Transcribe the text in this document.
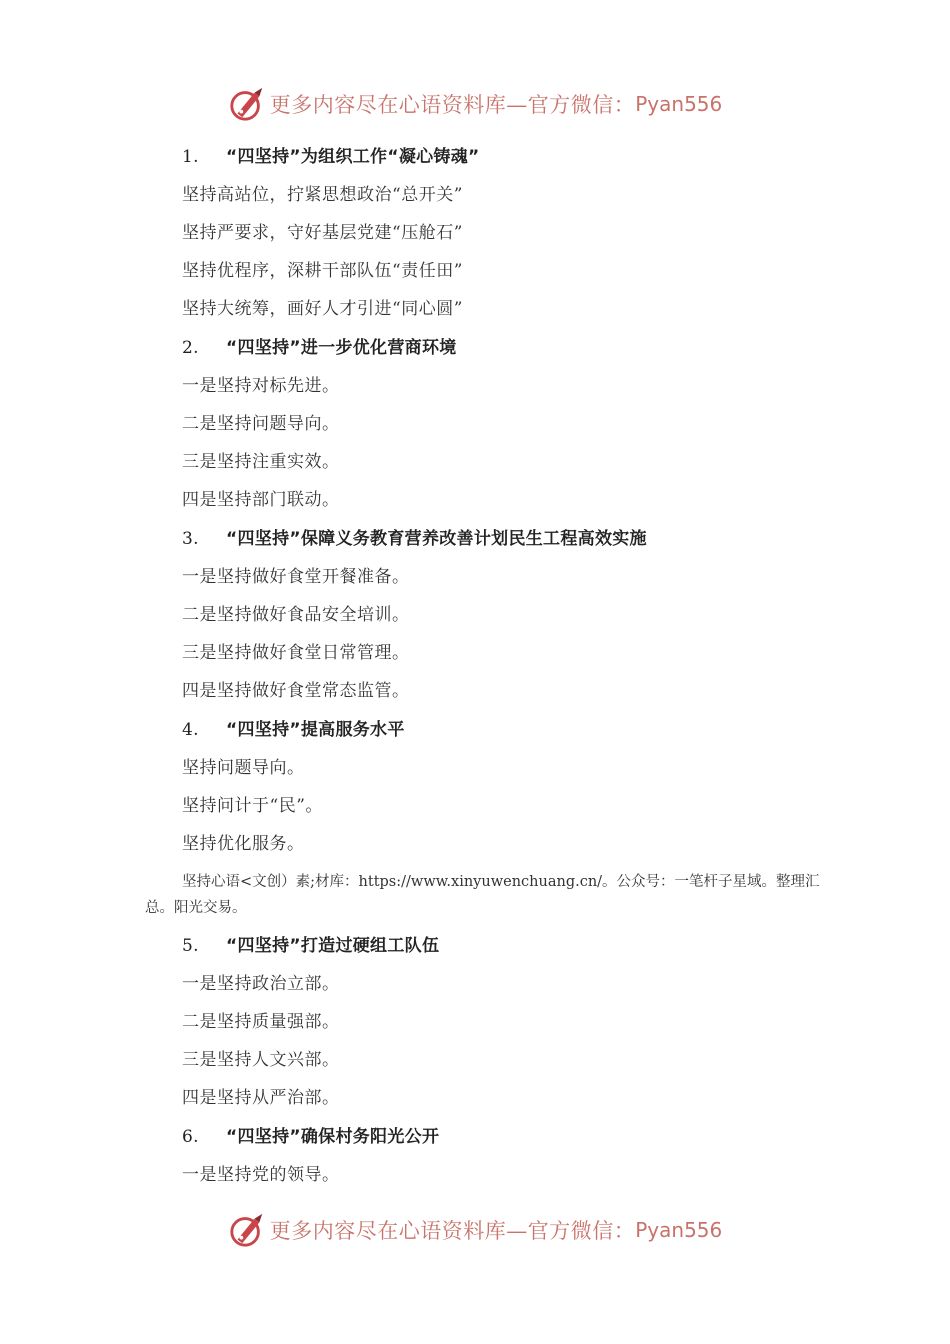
更多内容尽在心语资料库—官方微信： Pyan556
1. “四坚持”为组织工作“凝心铸魂”
坚持高站位，拧紧思想政治“总开关”
坚持严要求，守好基层党建“压舱石”
坚持优程序，深耕干部队伍“责任田”
坚持大统筹，画好人才引进“同心圆”
2. “四坚持”进一步优化营商环境
一是坚持对标先进。
二是坚持问题导向。
三是坚持注重实效。
四是坚持部门联动。
3. “四坚持”保障义务教育营养改善计划民生工程高效实施
一是坚持做好食堂开餐准备。
二是坚持做好食品安全培训。
三是坚持做好食堂日常管理。
四是坚持做好食堂常态监管。
4. “四坚持”提高服务水平
坚持问题导向。
坚持问计于“民”。
坚持优化服务。
坚持心语<文创）素;材库：https://www.xinyuwenchuang.cn/。公众号：一笔杆子星域。整理汇总。阳光交易。
5. “四坚持”打造过硬组工队伍
一是坚持政治立部。
二是坚持质量强部。
三是坚持人文兴部。
四是坚持从严治部。
6. “四坚持”确保村务阳光公开
一是坚持党的领导。
更多内容尽在心语资料库—官方微信： Pyan556
